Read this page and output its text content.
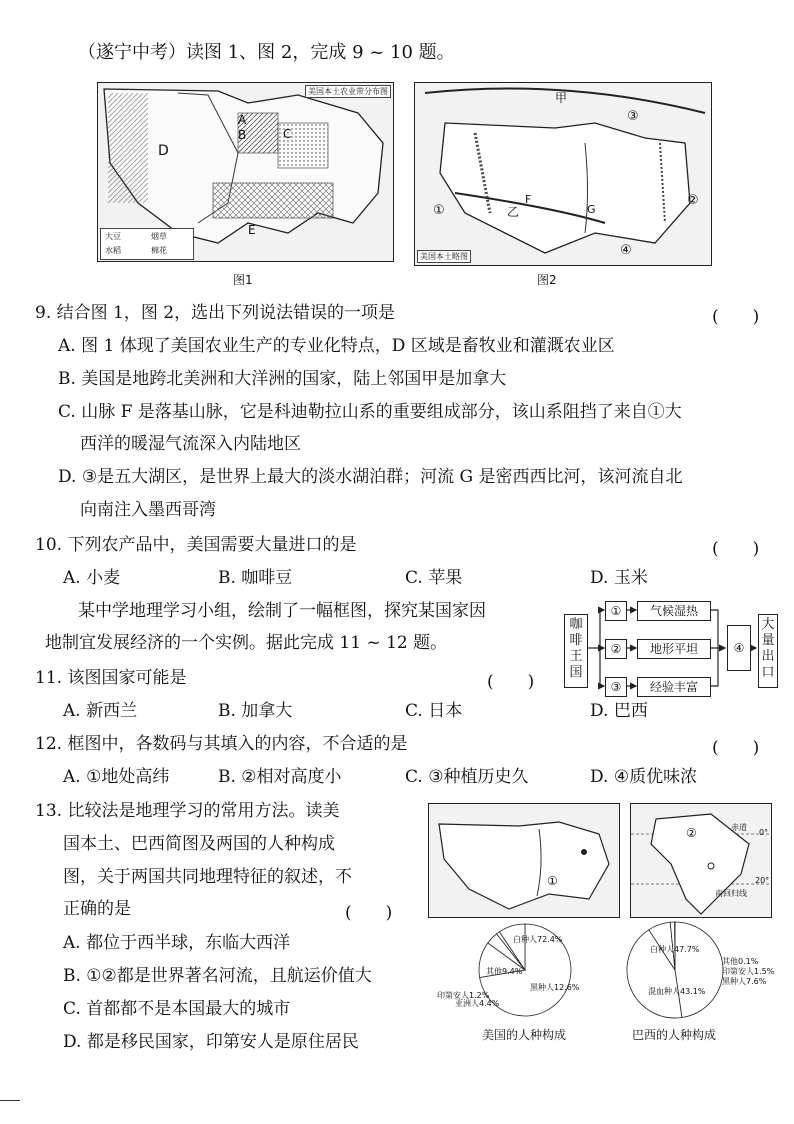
（遂宁中考）读图 1、图 2，完成 9 ~ 10 题。
美国本土农业带分布图
A
B	C
D
E
大豆	烟草
水稻	棉花
图1
甲
乙
F
G
①
②
③
④
美国本土略图
图2
9. 结合图 1，图 2，选出下列说法错误的一项是	(　　)
A. 图 1 体现了美国农业生产的专业化特点，D 区域是畜牧业和灌溉农业区
B. 美国是地跨北美洲和大洋洲的国家，陆上邻国甲是加拿大
C. 山脉 F 是落基山脉，它是科迪勒拉山系的重要组成部分，该山系阻挡了来自①大
西洋的暖湿气流深入内陆地区
D. ③是五大湖区，是世界上最大的淡水湖泊群；河流 G 是密西西比河，该河流自北
向南注入墨西哥湾
10. 下列农产品中，美国需要大量进口的是	(　　)
A. 小麦	B. 咖啡豆	C. 苹果	D. 玉米
某中学地理学习小组，绘制了一幅框图，探究某国家因
地制宜发展经济的一个实例。据此完成 11 ~ 12 题。
咖啡王国
①
②
③
气候湿热
地形平坦
经验丰富
④
大量出口
11. 该图国家可能是	(　　)
A. 新西兰	B. 加拿大	C. 日本	D. 巴西
12. 框图中，各数码与其填入的内容，不合适的是	(　　)
A. ①地处高纬	B. ②相对高度小	C. ③种植历史久	D. ④质优味浓
13. 比较法是地理学习的常用方法。读美
国本土、巴西简图及两国的人种构成
图，关于两国共同地理特征的叙述，不
正确的是	(　　)
A. 都位于西半球，东临大西洋
B. ①②都是世界著名河流，且航运价值大
C. 首都都不是本国最大的城市
D. 都是移民国家，印第安人是原住居民
①
赤道
0°
南回归线
20°
②
白种人72.4%
黑种人12.6%
亚洲人4.4%
印第安人1.2%
其他9.4%
白种人47.7%
混血种人43.1%
黑种人7.6%
印第安人1.5%
其他0.1%
美国的人种构成	巴西的人种构成
